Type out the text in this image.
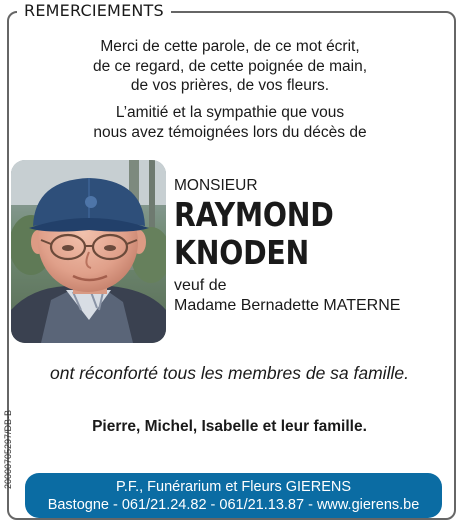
REMERCIEMENTS

Merci de cette parole, de ce mot écrit,

de ce regard, de cette poignée de main,

de vos prières, de vos fleurs.

L’amitié et la sympathie que vous

nous avez témoignées lors du décès de

MONSIEUR
RAYMOND
KNODEN
veuf de
Madame Bernadette MATERNE
ont réconforté tous les membres de sa famille.
Pierre, Michel, Isabelle et leur famille.
20000705297/DB-B	P.F., Funérarium et Fleurs GIERENS
Bastogne - 061/21.24.82 - 061/21.13.87 - www.gierens.be
